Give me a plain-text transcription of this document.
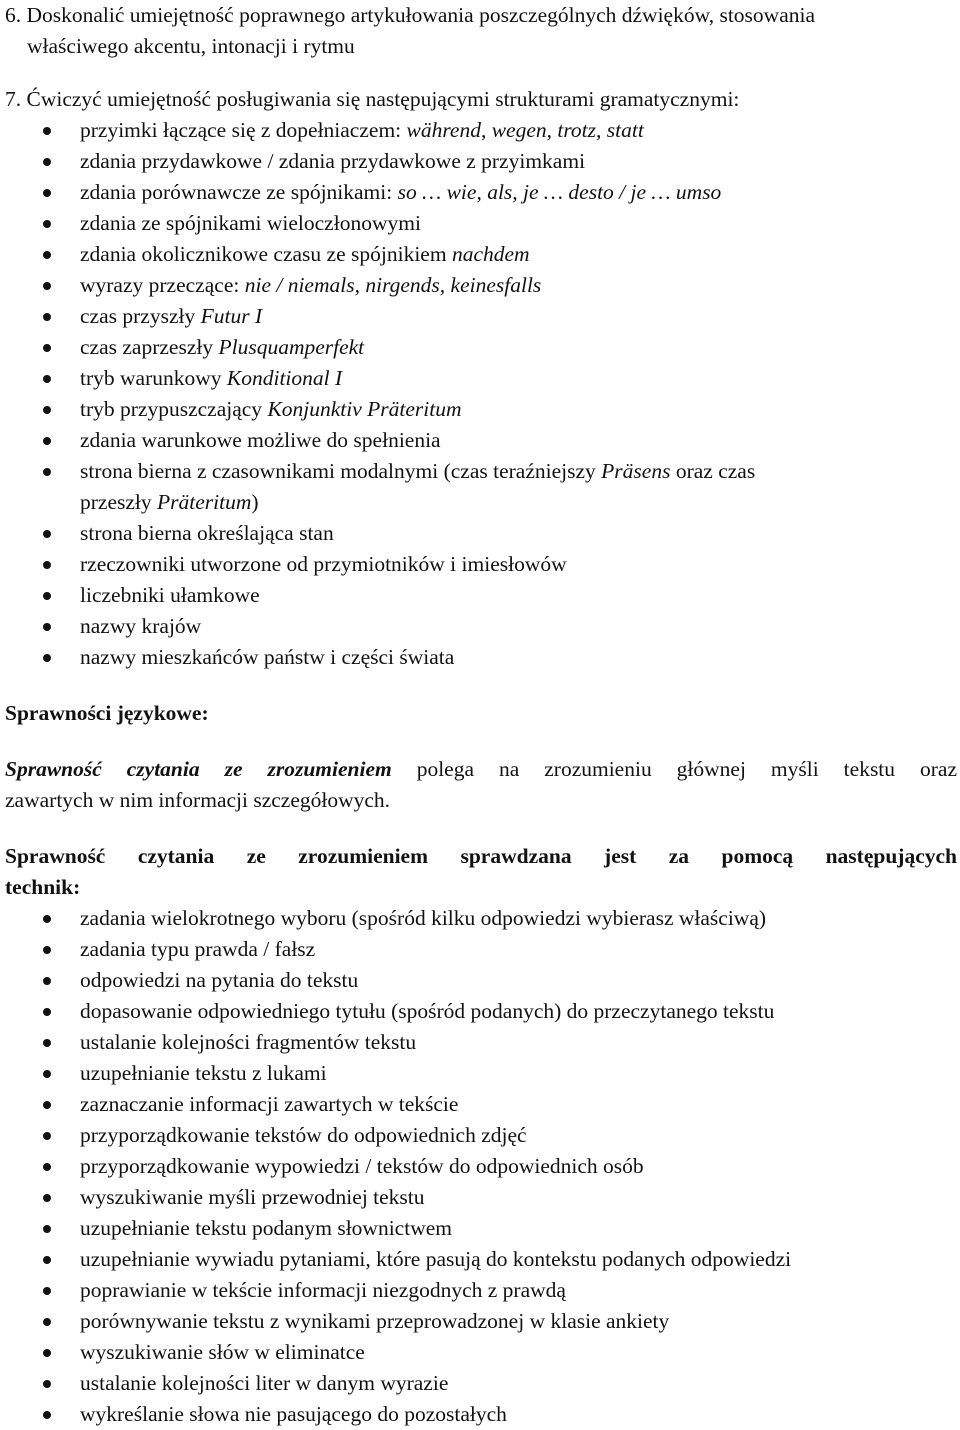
6. Doskonalić umiejętność poprawnego artykułowania poszczególnych dźwięków, stosowania
właściwego akcentu, intonacji i rytmu
7. Ćwiczyć umiejętność posługiwania się następującymi strukturami gramatycznymi:
przyimki łączące się z dopełniaczem: während, wegen, trotz, statt
zdania przydawkowe / zdania przydawkowe z przyimkami
zdania porównawcze ze spójnikami: so … wie, als, je … desto / je … umso
zdania ze spójnikami wieloczłonowymi
zdania okolicznikowe czasu ze spójnikiem nachdem
wyrazy przeczące: nie / niemals, nirgends, keinesfalls
czas przyszły Futur I
czas zaprzeszły Plusquamperfekt
tryb warunkowy Konditional I
tryb przypuszczający Konjunktiv Präteritum
zdania warunkowe możliwe do spełnienia
strona bierna z czasownikami modalnymi (czas teraźniejszy Präsens oraz czas
przeszły Präteritum)
strona bierna określająca stan
rzeczowniki utworzone od przymiotników i imiesłowów
liczebniki ułamkowe
nazwy krajów
nazwy mieszkańców państw i części świata
Sprawności językowe:
Sprawność czytania ze zrozumieniem polega na zrozumieniu głównej myśli tekstu oraz
zawartych w nim informacji szczegółowych.
Sprawność czytania ze zrozumieniem sprawdzana jest za pomocą następujących
technik:
zadania wielokrotnego wyboru (spośród kilku odpowiedzi wybierasz właściwą)
zadania typu prawda / fałsz
odpowiedzi na pytania do tekstu
dopasowanie odpowiedniego tytułu (spośród podanych) do przeczytanego tekstu
ustalanie kolejności fragmentów tekstu
uzupełnianie tekstu z lukami
zaznaczanie informacji zawartych w tekście
przyporządkowanie tekstów do odpowiednich zdjęć
przyporządkowanie wypowiedzi / tekstów do odpowiednich osób
wyszukiwanie myśli przewodniej tekstu
uzupełnianie tekstu podanym słownictwem
uzupełnianie wywiadu pytaniami, które pasują do kontekstu podanych odpowiedzi
poprawianie w tekście informacji niezgodnych z prawdą
porównywanie tekstu z wynikami przeprowadzonej w klasie ankiety
wyszukiwanie słów w eliminatce
ustalanie kolejności liter w danym wyrazie
wykreślanie słowa nie pasującego do pozostałych
